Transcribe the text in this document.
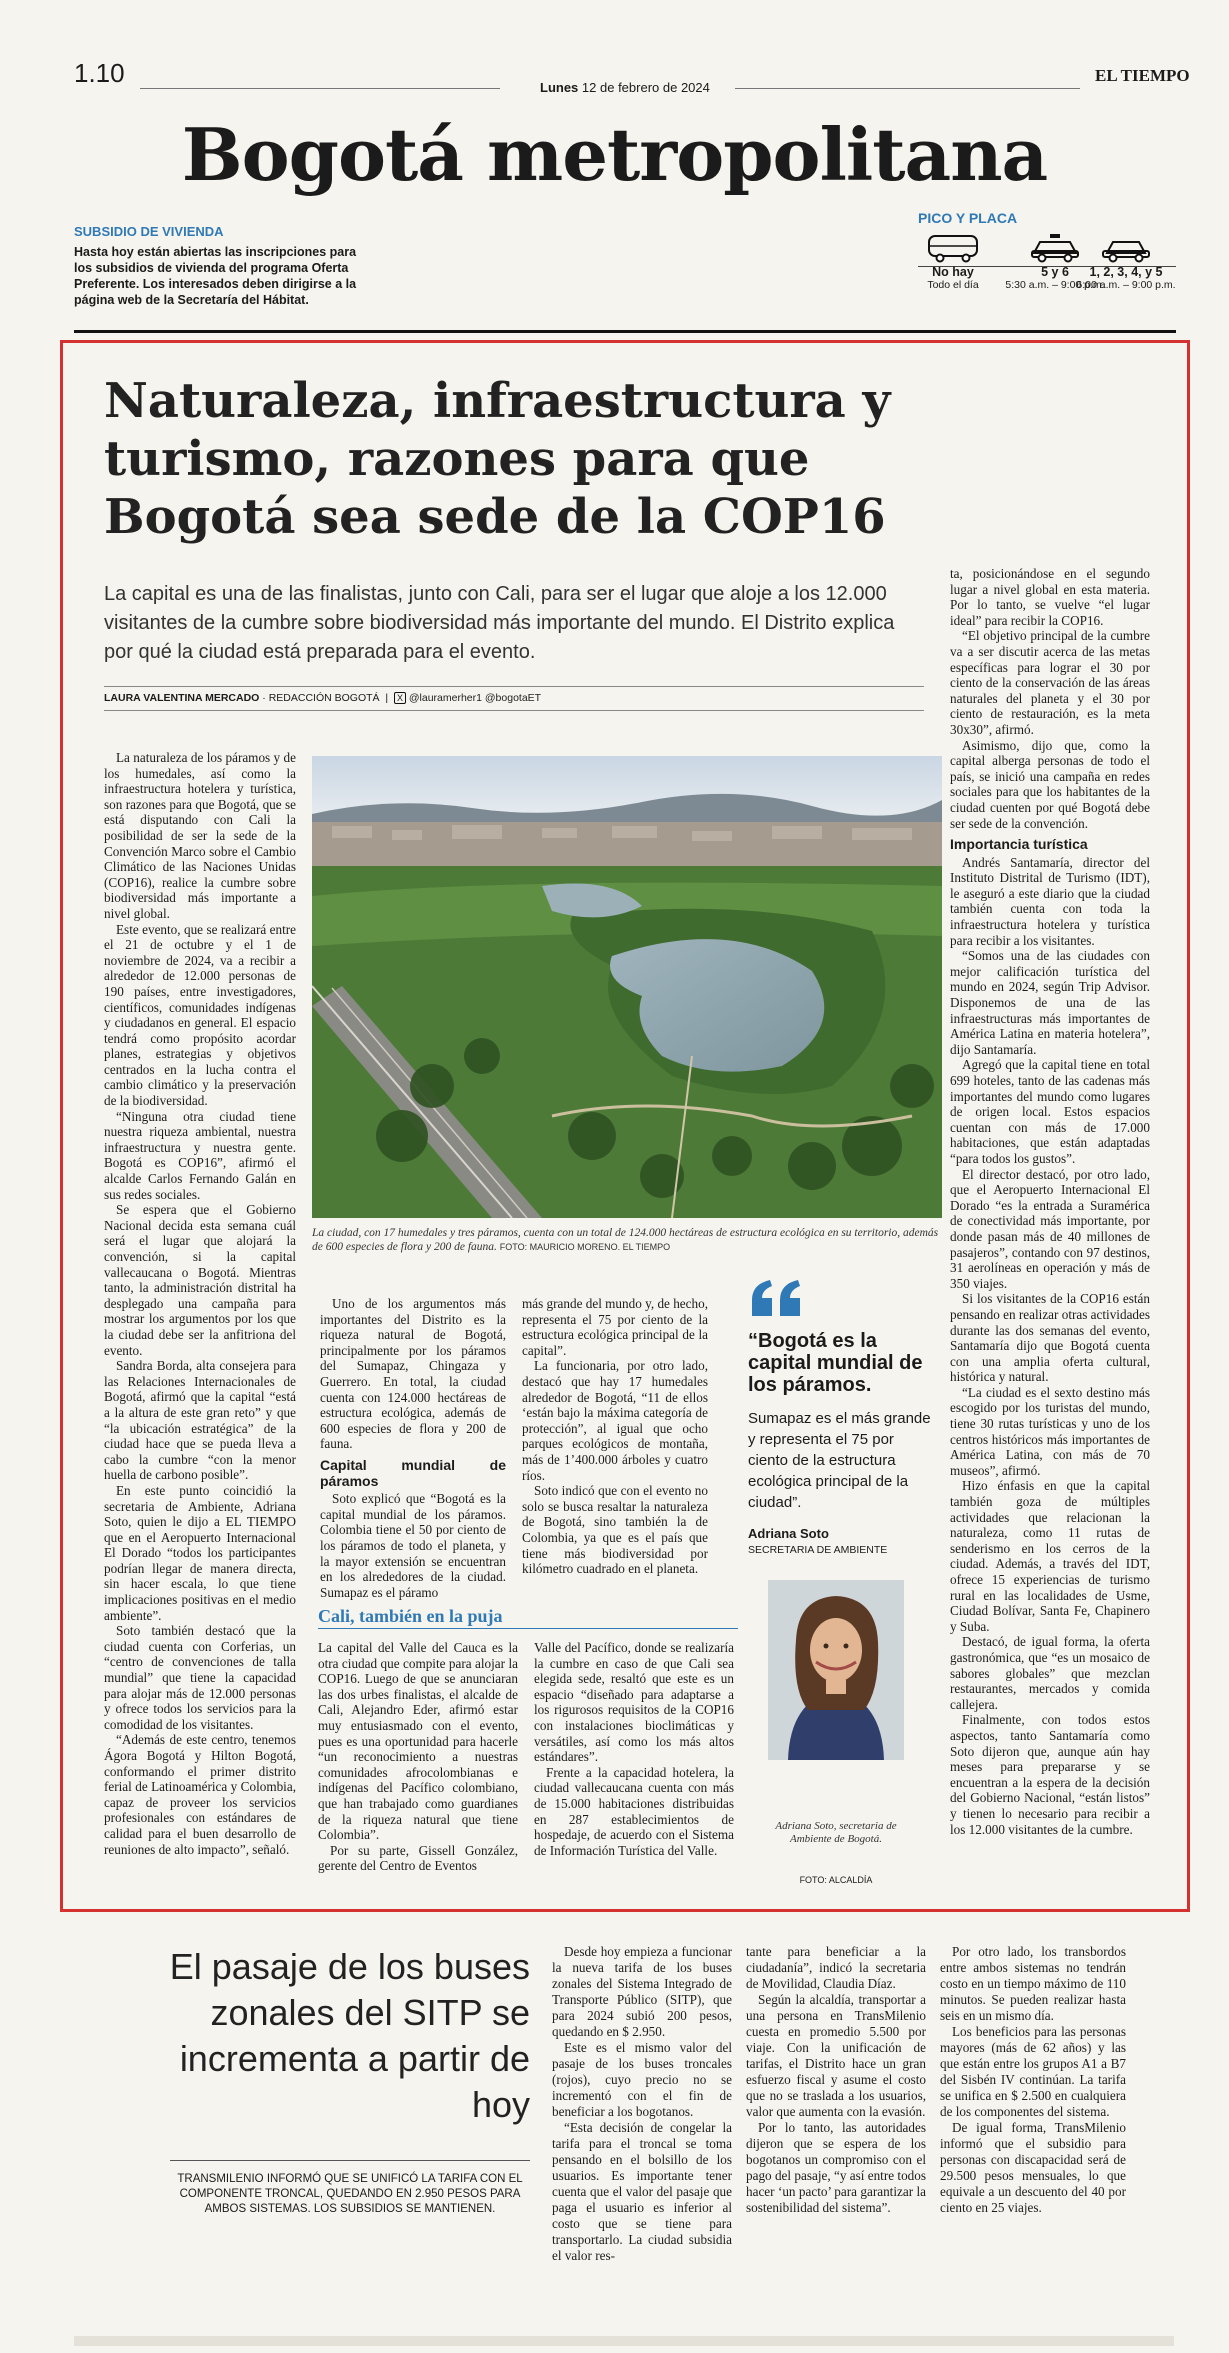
1.10	Lunes 12 de febrero de 2024
EL TIEMPO
Bogotá metropolitana
SUBSIDIO DE VIVIENDA
Hasta hoy están abiertas las inscripciones para los subsidios de vivienda del programa Oferta Preferente. Los interesados deben dirigirse a la página web de la Secretaría del Hábitat.
PICO Y PLACA
No hay
Todo el día
5 y 6
5:30 a.m. – 9:00 p.m.
1, 2, 3, 4, y 5
6:00 a.m. – 9:00 p.m.
Naturaleza, infraestructura y turismo, razones para que Bogotá sea sede de la COP16
La capital es una de las finalistas, junto con Cali, para ser el lugar que aloje a los 12.000 visitantes de la cumbre sobre biodiversidad más importante del mundo. El Distrito explica por qué la ciudad está preparada para el evento.
LAURA VALENTINA MERCADO · REDACCIÓN BOGOTÁ  |  X @lauramerher1 @bogotaET

La naturaleza de los páramos y de los humedales, así como la infraestructura hotelera y turística, son razones para que Bogotá, que se está disputando con Cali la posibilidad de ser la sede de la Convención Marco sobre el Cambio Climático de las Naciones Unidas (COP16), realice la cumbre sobre biodiversidad más importante a nivel global.

Este evento, que se realizará entre el 21 de octubre y el 1 de noviembre de 2024, va a recibir a alrededor de 12.000 personas de 190 países, entre investigadores, científicos, comunidades indígenas y ciudadanos en general. El espacio tendrá como propósito acordar planes, estrategias y objetivos centrados en la lucha contra el cambio climático y la preservación de la biodiversidad.

“Ninguna otra ciudad tiene nuestra riqueza ambiental, nuestra infraestructura y nuestra gente. Bogotá es COP16”, afirmó el alcalde Carlos Fernando Galán en sus redes sociales.

Se espera que el Gobierno Nacional decida esta semana cuál será el lugar que alojará la convención, si la capital vallecaucana o Bogotá. Mientras tanto, la administración distrital ha desplegado una campaña para mostrar los argumentos por los que la ciudad debe ser la anfitriona del evento.

Sandra Borda, alta consejera para las Relaciones Internacionales de Bogotá, afirmó que la capital “está a la altura de este gran reto” y que “la ubicación estratégica” de la ciudad hace que se pueda lleva a cabo la cumbre “con la menor huella de carbono posible”.

En este punto coincidió la secretaria de Ambiente, Adriana Soto, quien le dijo a EL TIEMPO que en el Aeropuerto Internacional El Dorado “todos los participantes podrían llegar de manera directa, sin hacer escala, lo que tiene implicaciones positivas en el medio ambiente”.

Soto también destacó que la ciudad cuenta con Corferias, un “centro de convenciones de talla mundial” que tiene la capacidad para alojar más de 12.000 personas y ofrece todos los servicios para la comodidad de los visitantes.

“Además de este centro, tenemos Ágora Bogotá y Hilton Bogotá, conformando el primer distrito ferial de Latinoamérica y Colombia, capaz de proveer los servicios profesionales con estándares de calidad para el buen desarrollo de reuniones de alto impacto”, señaló.

La ciudad, con 17 humedales y tres páramos, cuenta con un total de 124.000 hectáreas de estructura ecológica en su territorio, además de 600 especies de flora y 200 de fauna. FOTO: MAURICIO MORENO. EL TIEMPO

Uno de los argumentos más importantes del Distrito es la riqueza natural de Bogotá, principalmente por los páramos del Sumapaz, Chingaza y Guerrero. En total, la ciudad cuenta con 124.000 hectáreas de estructura ecológica, además de 600 especies de flora y 200 de fauna.

Capital mundial de páramos

Soto explicó que “Bogotá es la capital mundial de los páramos. Colombia tiene el 50 por ciento de los páramos de todo el planeta, y la mayor extensión se encuentran en los alrededores de la ciudad. Sumapaz es el páramo

más grande del mundo y, de hecho, representa el 75 por ciento de la estructura ecológica principal de la capital”.

La funcionaria, por otro lado, destacó que hay 17 humedales alrededor de Bogotá, “11 de ellos ‘están bajo la máxima categoría de protección”, al igual que ocho parques ecológicos de montaña, más de 1’400.000 árboles y cuatro ríos.

Soto indicó que con el evento no solo se busca resaltar la naturaleza de Bogotá, sino también la de Colombia, ya que es el país que tiene más biodiversidad por kilómetro cuadrado en el planeta.

“Bogotá es la capital mundial de los páramos.
Sumapaz es el más grande y representa el 75 por ciento de la estructura ecológica principal de la ciudad”.
Adriana Soto
SECRETARIA DE AMBIENTE
Adriana Soto, secretaria de Ambiente de Bogotá.
FOTO: ALCALDÍA
Cali, también en la puja

La capital del Valle del Cauca es la otra ciudad que compite para alojar la COP16. Luego de que se anunciaran las dos urbes finalistas, el alcalde de Cali, Alejandro Eder, afirmó estar muy entusiasmado con el evento, pues es una oportunidad para hacerle “un reconocimiento a nuestras comunidades afrocolombianas e indígenas del Pacífico colombiano, que han trabajado como guardianes de la riqueza natural que tiene Colombia”.

Por su parte, Gissell González, gerente del Centro de Eventos

Valle del Pacífico, donde se realizaría la cumbre en caso de que Cali sea elegida sede, resaltó que este es un espacio “diseñado para adaptarse a los rigurosos requisitos de la COP16 con instalaciones bioclimáticas y versátiles, así como los más altos estándares”.

Frente a la capacidad hotelera, la ciudad vallecaucana cuenta con más de 15.000 habitaciones distribuidas en 287 establecimientos de hospedaje, de acuerdo con el Sistema de Información Turística del Valle.

ta, posicionándose en el segundo lugar a nivel global en esta materia. Por lo tanto, se vuelve “el lugar ideal” para recibir la COP16.

“El objetivo principal de la cumbre va a ser discutir acerca de las metas específicas para lograr el 30 por ciento de la conservación de las áreas naturales del planeta y el 30 por ciento de restauración, es la meta 30x30”, afirmó.

Asimismo, dijo que, como la capital alberga personas de todo el país, se inició una campaña en redes sociales para que los habitantes de la ciudad cuenten por qué Bogotá debe ser sede de la convención.

Importancia turística

Andrés Santamaría, director del Instituto Distrital de Turismo (IDT), le aseguró a este diario que la ciudad también cuenta con toda la infraestructura hotelera y turística para recibir a los visitantes.

“Somos una de las ciudades con mejor calificación turística del mundo en 2024, según Trip Advisor. Disponemos de una de las infraestructuras más importantes de América Latina en materia hotelera”, dijo Santamaría.

Agregó que la capital tiene en total 699 hoteles, tanto de las cadenas más importantes del mundo como lugares de origen local. Estos espacios cuentan con más de 17.000 habitaciones, que están adaptadas “para todos los gustos”.

El director destacó, por otro lado, que el Aeropuerto Internacional El Dorado “es la entrada a Suramérica de conectividad más importante, por donde pasan más de 40 millones de pasajeros”, contando con 97 destinos, 31 aerolíneas en operación y más de 350 viajes.

Si los visitantes de la COP16 están pensando en realizar otras actividades durante las dos semanas del evento, Santamaría dijo que Bogotá cuenta con una amplia oferta cultural, histórica y natural.

“La ciudad es el sexto destino más escogido por los turistas del mundo, tiene 30 rutas turísticas y uno de los centros históricos más importantes de América Latina, con más de 70 museos”, afirmó.

Hizo énfasis en que la capital también goza de múltiples actividades que relacionan la naturaleza, como 11 rutas de senderismo en los cerros de la ciudad. Además, a través del IDT, ofrece 15 experiencias de turismo rural en las localidades de Usme, Ciudad Bolívar, Santa Fe, Chapinero y Suba.

Destacó, de igual forma, la oferta gastronómica, que “es un mosaico de sabores globales” que mezclan restaurantes, mercados y comida callejera.

Finalmente, con todos estos aspectos, tanto Santamaría como Soto dijeron que, aunque aún hay meses para prepararse y se encuentran a la espera de la decisión del Gobierno Nacional, “están listos” y tienen lo necesario para recibir a los 12.000 visitantes de la cumbre.

El pasaje de los buses zonales del SITP se incrementa a partir de hoy
TRANSMILENIO INFORMÓ QUE SE UNIFICÓ LA TARIFA CON EL COMPONENTE TRONCAL, QUEDANDO EN 2.950 PESOS PARA AMBOS SISTEMAS. LOS SUBSIDIOS SE MANTIENEN.

Desde hoy empieza a funcionar la nueva tarifa de los buses zonales del Sistema Integrado de Transporte Público (SITP), que para 2024 subió 200 pesos, quedando en $ 2.950.

Este es el mismo valor del pasaje de los buses troncales (rojos), cuyo precio no se incrementó con el fin de beneficiar a los bogotanos.

“Esta decisión de congelar la tarifa para el troncal se toma pensando en el bolsillo de los usuarios. Es importante tener cuenta que el valor del pasaje que paga el usuario es inferior al costo que se tiene para transportarlo. La ciudad subsidia el valor res-

tante para beneficiar a la ciudadanía”, indicó la secretaria de Movilidad, Claudia Díaz.

Según la alcaldía, transportar a una persona en TransMilenio cuesta en promedio 5.500 por viaje. Con la unificación de tarifas, el Distrito hace un gran esfuerzo fiscal y asume el costo que no se traslada a los usuarios, valor que aumenta con la evasión.

Por lo tanto, las autoridades dijeron que se espera de los bogotanos un compromiso con el pago del pasaje, “y así entre todos hacer ‘un pacto’ para garantizar la sostenibilidad del sistema”.

Por otro lado, los transbordos entre ambos sistemas no tendrán costo en un tiempo máximo de 110 minutos. Se pueden realizar hasta seis en un mismo día.

Los beneficios para las personas mayores (más de 62 años) y las que están entre los grupos A1 a B7 del Sisbén IV continúan. La tarifa se unifica en $ 2.500 en cualquiera de los componentes del sistema.

De igual forma, TransMilenio informó que el subsidio para personas con discapacidad será de 29.500 pesos mensuales, lo que equivale a un descuento del 40 por ciento en 25 viajes.
